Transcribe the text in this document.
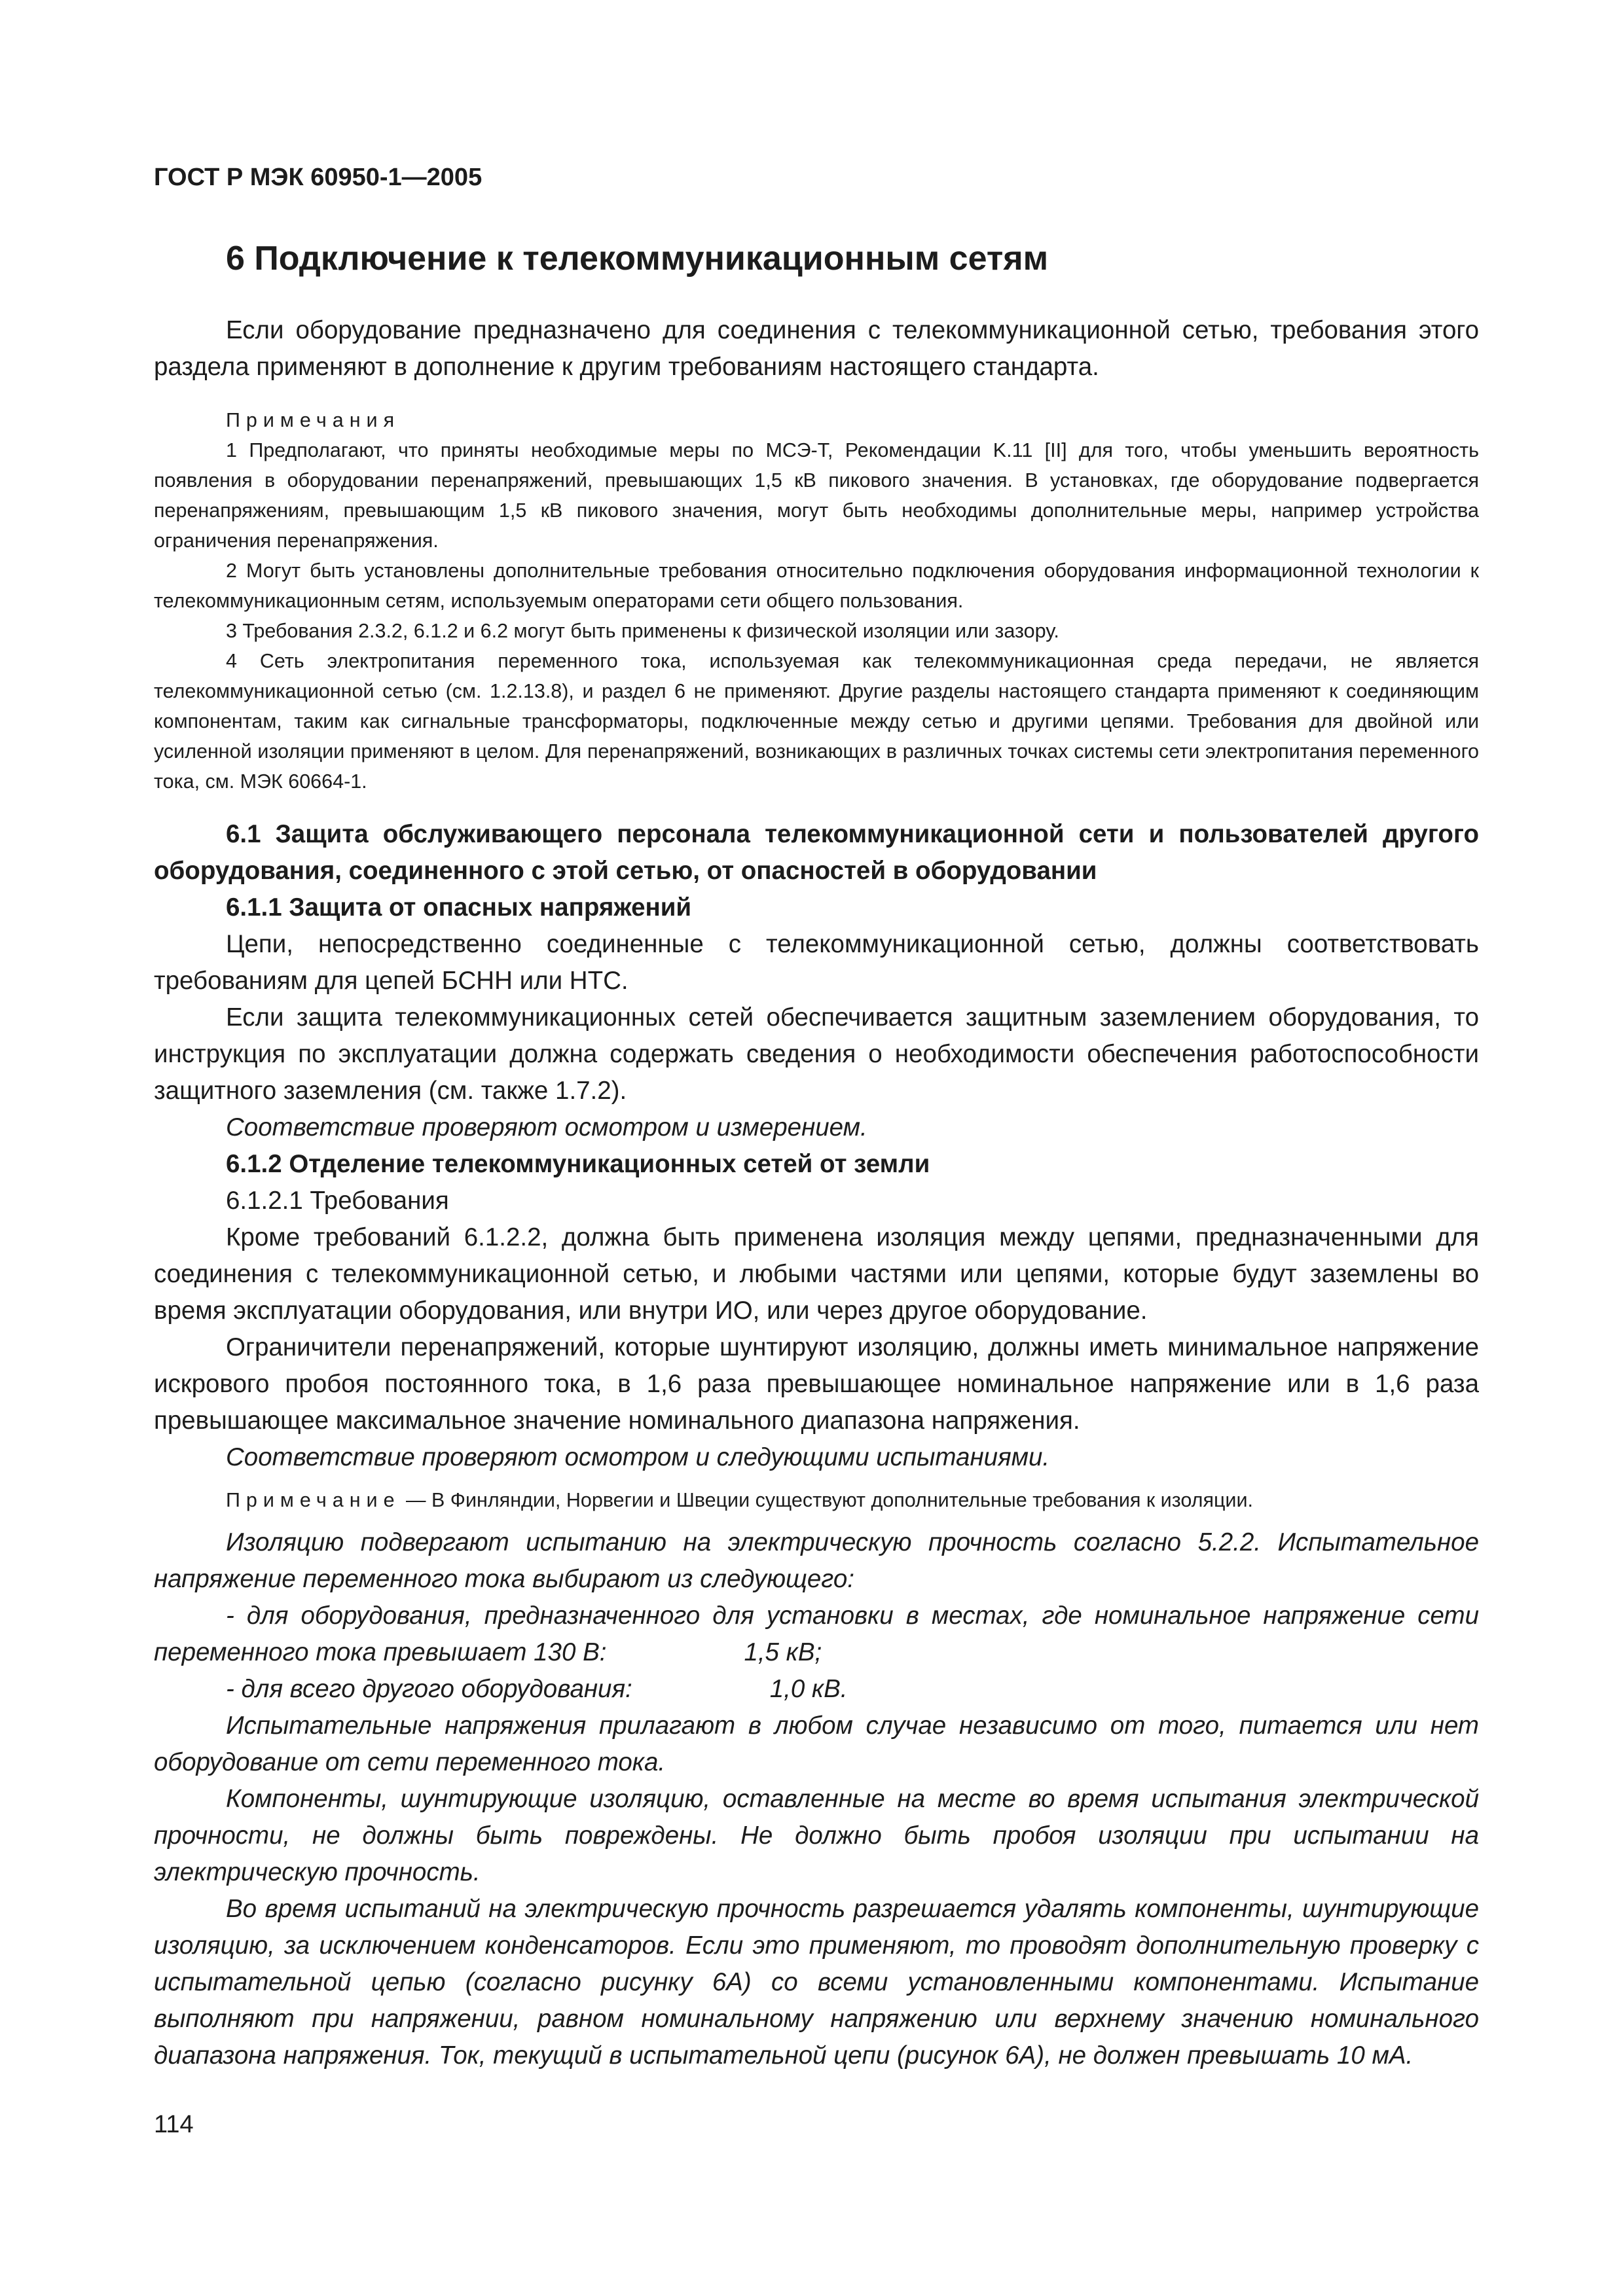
ГОСТ Р МЭК 60950-1—2005
6 Подключение к телекоммуникационным сетям

Если оборудование предназначено для соединения с телекоммуникационной сетью, требования этого раздела применяют в дополнение к другим требованиям настоящего стандарта.

Примечания

1 Предполагают, что приняты необходимые меры по МСЭ-Т, Рекомендации K.11 [II] для того, чтобы уменьшить вероятность появления в оборудовании перенапряжений, превышающих 1,5 кВ пикового значения. В установках, где оборудование подвергается перенапряжениям, превышающим 1,5 кВ пикового значения, могут быть необходимы дополнительные меры, например устройства ограничения перенапряжения.

2 Могут быть установлены дополнительные требования относительно подключения оборудования информационной технологии к телекоммуникационным сетям, используемым операторами сети общего пользования.

3 Требования 2.3.2, 6.1.2 и 6.2 могут быть применены к физической изоляции или зазору.

4 Сеть электропитания переменного тока, используемая как телекоммуникационная среда передачи, не является телекоммуникационной сетью (см. 1.2.13.8), и раздел 6 не применяют. Другие разделы настоящего стандарта применяют к соединяющим компонентам, таким как сигнальные трансформаторы, подключенные между сетью и другими цепями. Требования для двойной или усиленной изоляции применяют в целом. Для перенапряжений, возникающих в различных точках системы сети электропитания переменного тока, см. МЭК 60664-1.

6.1 Защита обслуживающего персонала телекоммуникационной сети и пользователей другого оборудования, соединенного с этой сетью, от опасностей в оборудовании

6.1.1 Защита от опасных напряжений

Цепи, непосредственно соединенные с телекоммуникационной сетью, должны соответствовать требованиям для цепей БСНН или НТС.

Если защита телекоммуникационных сетей обеспечивается защитным заземлением оборудования, то инструкция по эксплуатации должна содержать сведения о необходимости обеспечения работоспособности защитного заземления (см. также 1.7.2).

Соответствие проверяют осмотром и измерением.

6.1.2 Отделение телекоммуникационных сетей от земли

6.1.2.1 Требования

Кроме требований 6.1.2.2, должна быть применена изоляция между цепями, предназначенными для соединения с телекоммуникационной сетью, и любыми частями или цепями, которые будут заземлены во время эксплуатации оборудования, или внутри ИО, или через другое оборудование.

Ограничители перенапряжений, которые шунтируют изоляцию, должны иметь минимальное напряжение искрового пробоя постоянного тока, в 1,6 раза превышающее номинальное напряжение или в 1,6 раза превышающее максимальное значение номинального диапазона напряжения.

Соответствие проверяют осмотром и следующими испытаниями.

Примечание — В Финляндии, Норвегии и Швеции существуют дополнительные требования к изоляции.

Изоляцию подвергают испытанию на электрическую прочность согласно 5.2.2. Испытательное напряжение переменного тока выбирают из следующего:

- для оборудования, предназначенного для установки в местах, где номинальное напряжение сети переменного тока превышает 130 В:	1,5 кВ;

- для всего другого оборудования:	1,0 кВ.

Испытательные напряжения прилагают в любом случае независимо от того, питается или нет оборудование от сети переменного тока.

Компоненты, шунтирующие изоляцию, оставленные на месте во время испытания электрической прочности, не должны быть повреждены. Не должно быть пробоя изоляции при испытании на электрическую прочность.

Во время испытаний на электрическую прочность разрешается удалять компоненты, шунтирующие изоляцию, за исключением конденсаторов. Если это применяют, то проводят дополнительную проверку с испытательной цепью (согласно рисунку 6А) со всеми установленными компонентами. Испытание выполняют при напряжении, равном номинальному напряжению или верхнему значению номинального диапазона напряжения. Ток, текущий в испытательной цепи (рисунок 6А), не должен превышать 10 мА.

114
